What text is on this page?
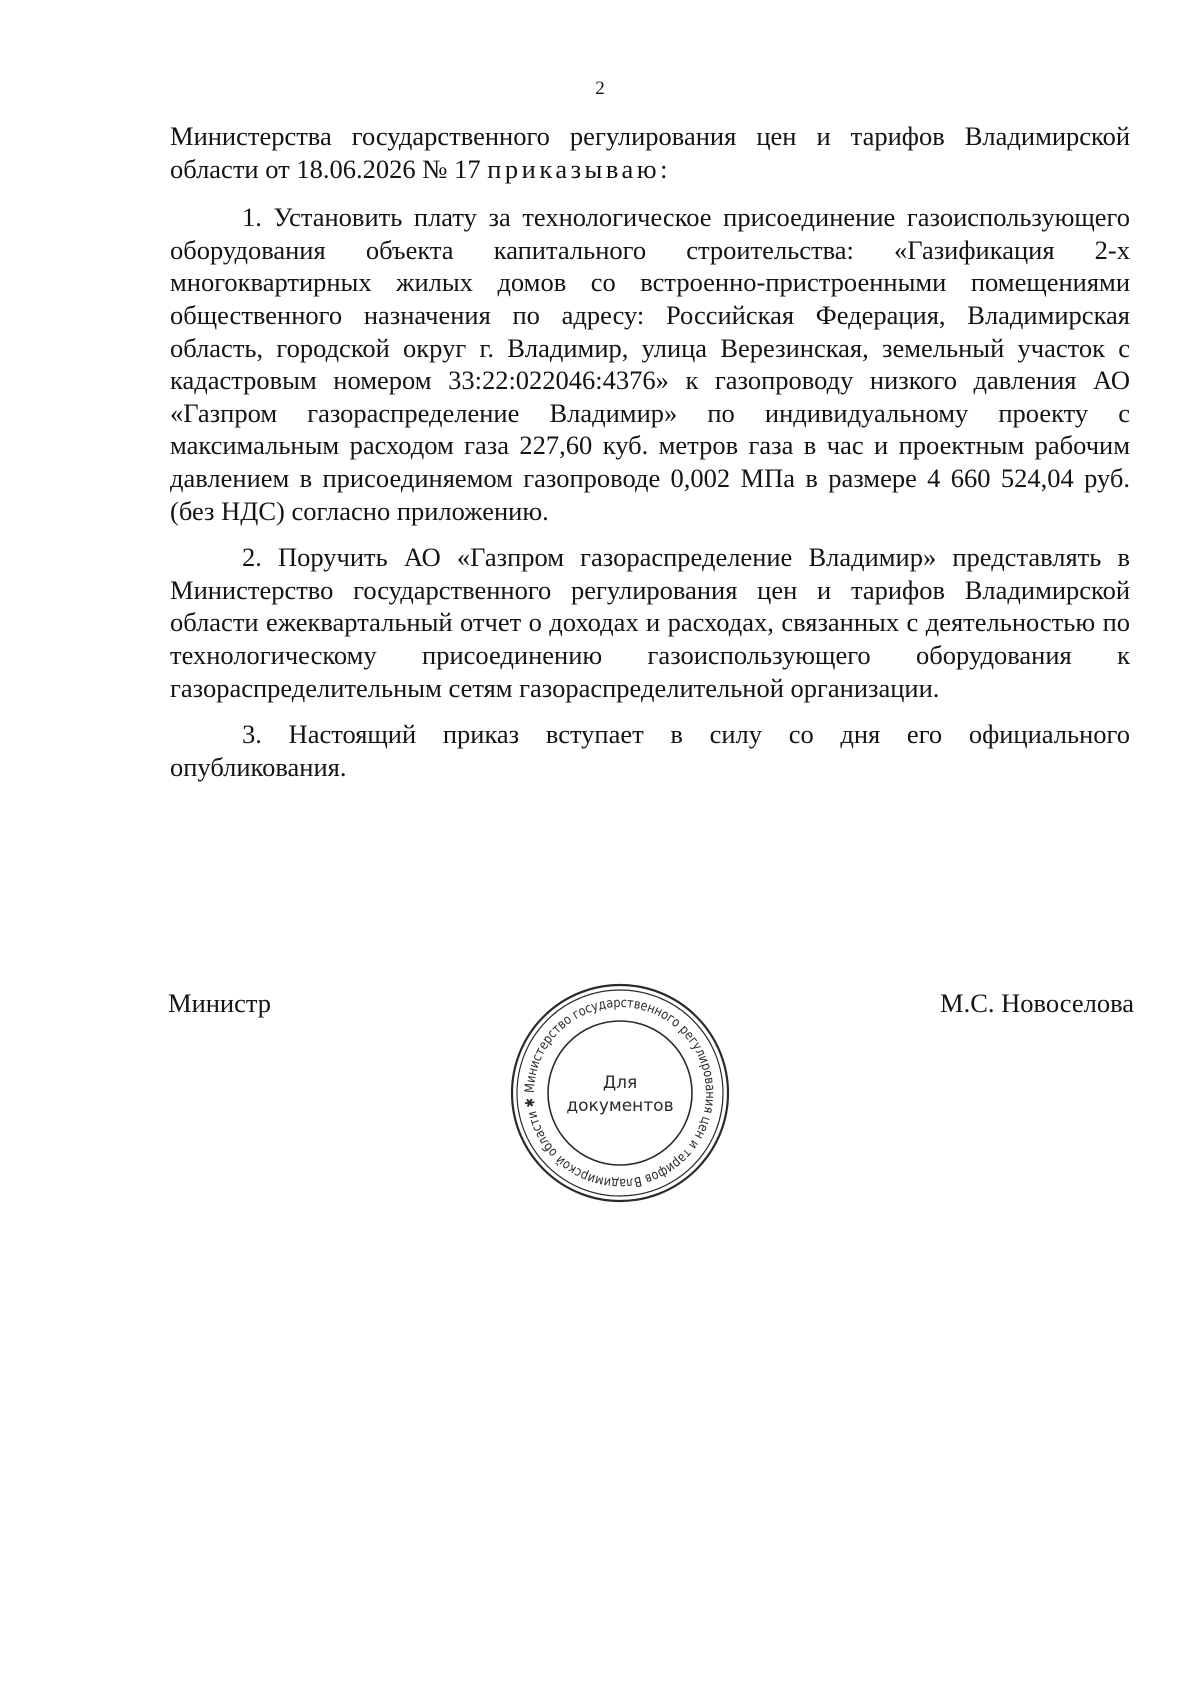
2

Министерства государственного регулирования цен и тарифов Владимирской области от 18.06.2026 № 17 приказываю:

1. Установить плату за технологическое присоединение газоиспользующего оборудования объекта капитального строительства: «Газификация 2-х многоквартирных жилых домов со встроенно-пристроенными помещениями общественного назначения по адресу: Российская Федерация, Владимирская область, городской округ г. Владимир, улица Верезинская, земельный участок с кадастровым номером 33:22:022046:4376» к газопроводу низкого давления АО «Газпром газораспределение Владимир» по индивидуальному проекту с максимальным расходом газа 227,60 куб. метров газа в час и проектным рабочим давлением в присоединяемом газопроводе 0,002 МПа в размере 4 660 524,04 руб. (без НДС) согласно приложению.

2. Поручить АО «Газпром газораспределение Владимир» представлять в Министерство государственного регулирования цен и тарифов Владимирской области ежеквартальный отчет о доходах и расходах, связанных с деятельностью по технологическому присоединению газоиспользующего оборудования к газораспределительным сетям газораспределительной организации.

3. Настоящий приказ вступает в силу со дня его официального опубликования.

Министр
Министерство государственного регулирования цен и тарифов Владимирской области ✱
Для
документов
М.С. Новоселова
